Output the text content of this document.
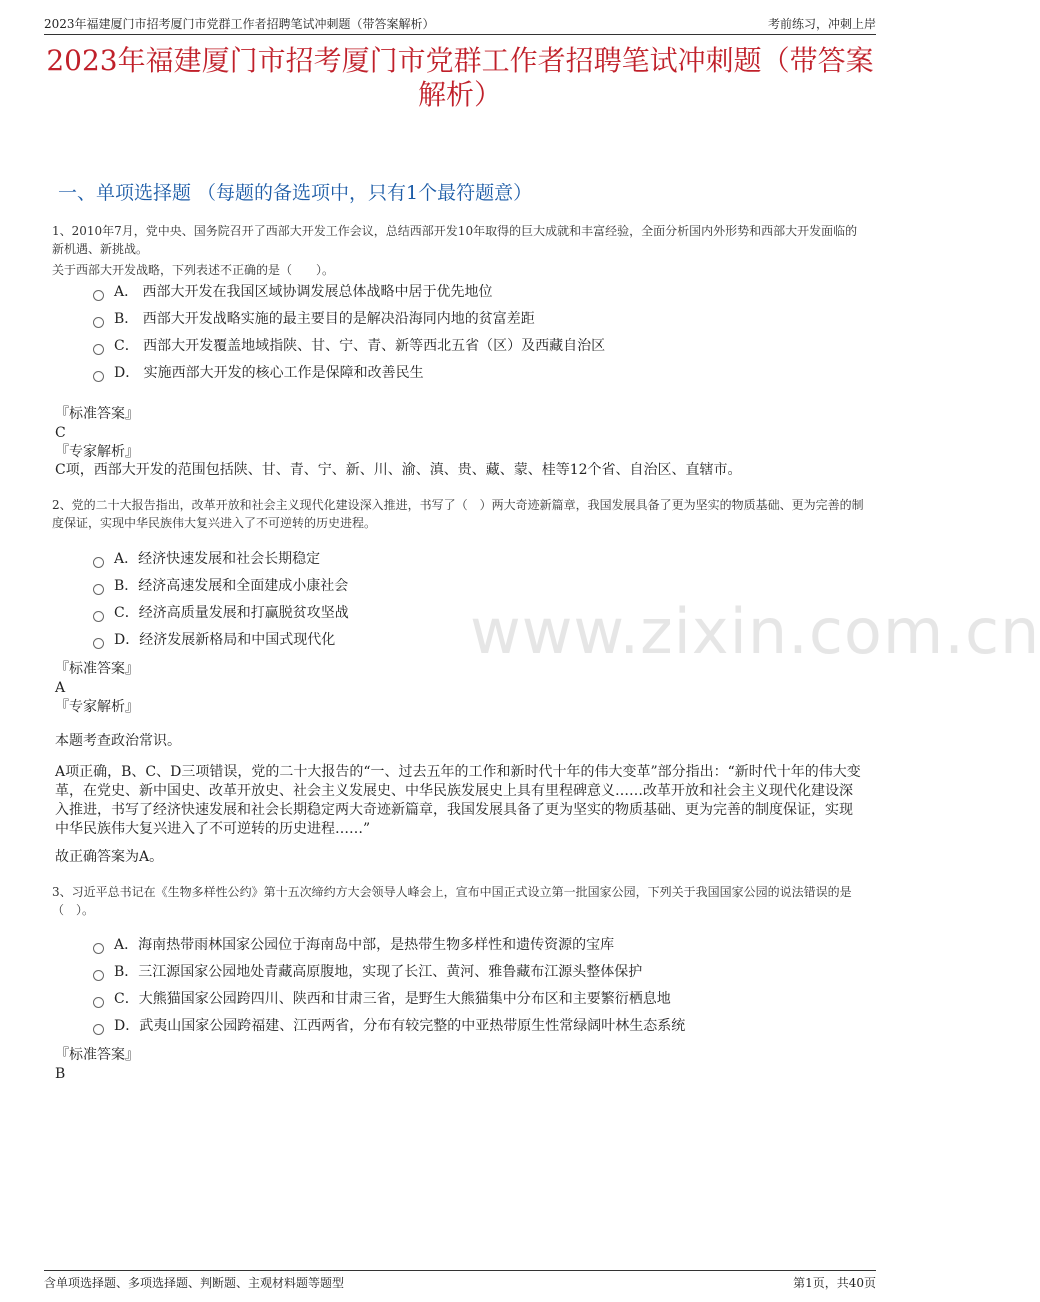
2023年福建厦门市招考厦门市党群工作者招聘笔试冲刺题（带答案解析）	考前练习，冲刺上岸
2023年福建厦门市招考厦门市党群工作者招聘笔试冲刺题（带答案解析）
一、单项选择题 （每题的备选项中，只有1个最符题意）
www.zixin.com.cn
1、2010年7月，党中央、国务院召开了西部大开发工作会议，总结西部开发10年取得的巨大成就和丰富经验，全面分析国内外形势和西部大开发面临的新机遇、新挑战。
关于西部大开发战略，下列表述不正确的是（　　）。
A． 西部大开发在我国区域协调发展总体战略中居于优先地位
B． 西部大开发战略实施的最主要目的是解决沿海同内地的贫富差距
C． 西部大开发覆盖地域指陕、甘、宁、青、新等西北五省（区）及西藏自治区
D． 实施西部大开发的核心工作是保障和改善民生
『标准答案』
C
『专家解析』
C项，西部大开发的范围包括陕、甘、青、宁、新、川、渝、滇、贵、藏、蒙、桂等12个省、自治区、直辖市。
2、党的二十大报告指出，改革开放和社会主义现代化建设深入推进，书写了（　）两大奇迹新篇章，我国发展具备了更为坚实的物质基础、更为完善的制度保证，实现中华民族伟大复兴进入了不可逆转的历史进程。
A．经济快速发展和社会长期稳定
B．经济高速发展和全面建成小康社会
C．经济高质量发展和打赢脱贫攻坚战
D．经济发展新格局和中国式现代化
『标准答案』
A
『专家解析』
本题考查政治常识。
A项正确，B、C、D三项错误，党的二十大报告的“一、过去五年的工作和新时代十年的伟大变革”部分指出：“新时代十年的伟大变革，在党史、新中国史、改革开放史、社会主义发展史、中华民族发展史上具有里程碑意义……改革开放和社会主义现代化建设深入推进，书写了经济快速发展和社会长期稳定两大奇迹新篇章，我国发展具备了更为坚实的物质基础、更为完善的制度保证，实现中华民族伟大复兴进入了不可逆转的历史进程……”
故正确答案为A。
3、习近平总书记在《生物多样性公约》第十五次缔约方大会领导人峰会上，宣布中国正式设立第一批国家公园，下列关于我国国家公园的说法错误的是（　）。
A．海南热带雨林国家公园位于海南岛中部，是热带生物多样性和遗传资源的宝库
B．三江源国家公园地处青藏高原腹地，实现了长江、黄河、雅鲁藏布江源头整体保护
C．大熊猫国家公园跨四川、陕西和甘肃三省，是野生大熊猫集中分布区和主要繁衍栖息地
D．武夷山国家公园跨福建、江西两省，分布有较完整的中亚热带原生性常绿阔叶林生态系统
『标准答案』
B
含单项选择题、多项选择题、判断题、主观材料题等题型	第1页，共40页
